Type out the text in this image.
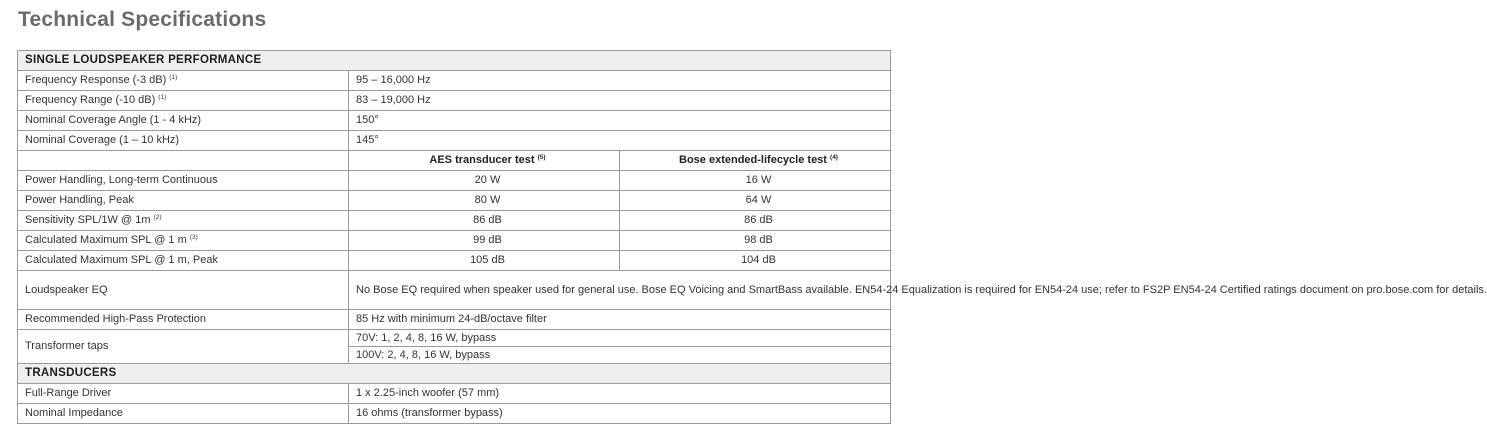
Technical Specifications
SINGLE LOUDSPEAKER PERFORMANCE		
Frequency Response (-3 dB) $^{(1)}$	95 – 16,000 Hz	
Frequency Range (-10 dB) $^{(1)}$	83 – 19,000 Hz	
Nominal Coverage Angle (1 - 4 kHz)	150°	
Nominal Coverage (1 – 10 kHz)	145°	
	AES transducer test $^{(5)}$	Bose extended-lifecycle test $^{(4)}$
Power Handling, Long-term Continuous	20 W	16 W
Power Handling, Peak	80 W	64 W
Sensitivity SPL/1W @ 1m $^{(2)}$	86 dB	86 dB
Calculated Maximum SPL @ 1 m $^{(3)}$	99 dB	98 dB
Calculated Maximum SPL @ 1 m, Peak	105 dB	104 dB
Loudspeaker EQ	No Bose EQ required when speaker used for general use. Bose EQ Voicing and SmartBass available. EN54-24 Equalization is required for EN54-24 use; refer to FS2P EN54-24 Certified ratings document on pro.bose.com for details.	
Recommended High-Pass Protection	85 Hz with minimum 24-dB/octave filter	
Transformer taps	70V: 1, 2, 4, 8, 16 W, bypass	
	100V: 2, 4, 8, 16 W, bypass	
TRANSDUCERS		
Full-Range Driver	1 x 2.25-inch woofer (57 mm)	
Nominal Impedance	16 ohms (transformer bypass)	
